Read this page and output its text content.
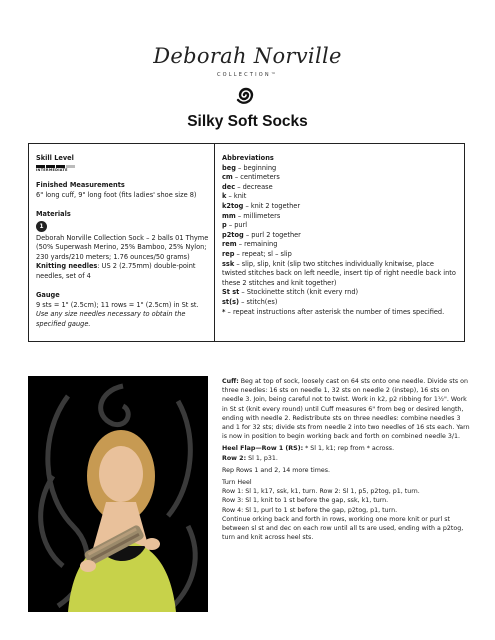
Deborah Norville
COLLECTION™
Silky Soft Socks
Skill Level
INTERMEDIATE
Finished Measurements
6" long cuff, 9" long foot (fits ladies' shoe size 8)
Materials
1
Deborah Norville Collection Sock – 2 balls 01 Thyme (50% Superwash Merino, 25% Bamboo, 25% Nylon; 230 yards/210 meters; 1.76 ounces/50 grams)
Knitting needles: US 2 (2.75mm) double-point needles, set of 4
Gauge
9 sts = 1" (2.5cm); 11 rows = 1" (2.5cm) in St st.
Use any size needles necessary to obtain the specified gauge.
Abbreviations
beg – beginning
cm – centimeters
dec – decrease
k – knit
k2tog – knit 2 together
mm – millimeters
p – purl
p2tog – purl 2 together
rem – remaining
rep – repeat; sl – slip
ssk – slip, slip, knit (slip two stitches individually knitwise, place twisted stitches back on left needle, insert tip of right needle back into these 2 stitches and knit together)
St st – Stockinette stitch (knit every rnd)
st(s) – stitch(es)
* – repeat instructions after asterisk the number of times specified.

Cuff: Beg at top of sock, loosely cast on 64 sts onto one needle. Divide sts on three needles: 16 sts on needle 1, 32 sts on needle 2 (instep), 16 sts on needle 3. Join, being careful not to twist. Work in k2, p2 ribbing for 1½". Work in St st (knit every round) until Cuff measures 6" from beg or desired length, ending with needle 2. Redistribute sts on three needles: combine needles 3 and 1 for 32 sts; divide sts from needle 2 into two needles of 16 sts each. Yarn is now in position to begin working back and forth on combined needle 3/1.

Heel Flap—Row 1 (RS): * Sl 1, k1; rep from * across.
Row 2: Sl 1, p31.

Rep Rows 1 and 2, 14 more times.

Turn Heel
Row 1: Sl 1, k17, ssk, k1, turn. Row 2: Sl 1, p5, p2tog, p1, turn.
Row 3: Sl 1, knit to 1 st before the gap, ssk, k1, turn.
Row 4: Sl 1, purl to 1 st before the gap, p2tog, p1, turn.
Continue orking back and forth in rows, working one more knit or purl st between sl st and dec on each row until all ts are used, ending with a p2tog, turn and knit across heel sts.
